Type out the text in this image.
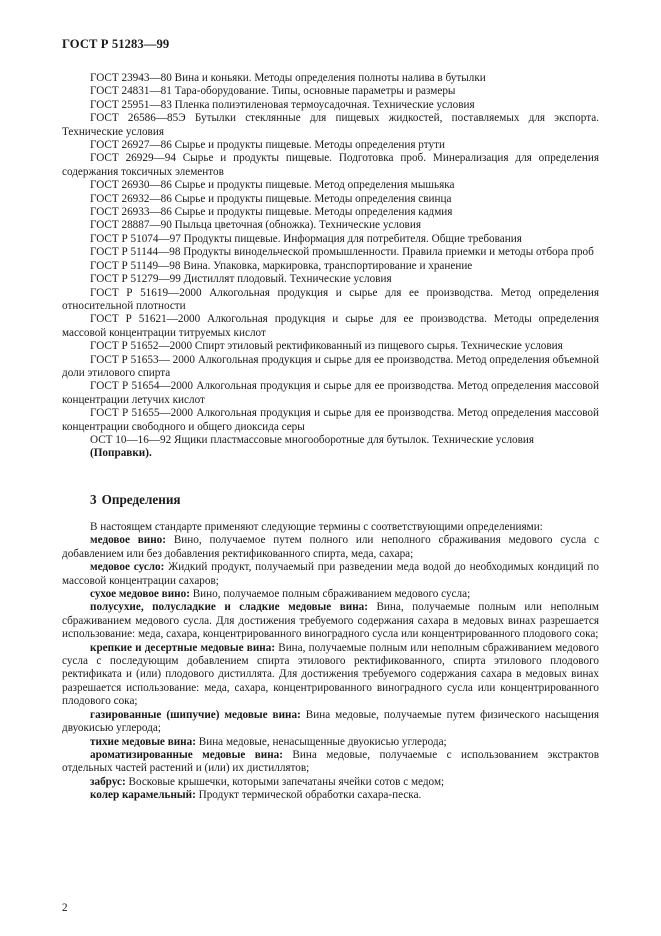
ГОСТ Р 51283—99

ГОСТ 23943—80 Вина и коньяки. Методы определения полноты налива в бутылки

ГОСТ 24831—81 Тара-оборудование. Типы, основные параметры и размеры

ГОСТ 25951—83 Пленка полиэтиленовая термоусадочная. Технические условия

ГОСТ 26586—85Э Бутылки стеклянные для пищевых жидкостей, поставляемых для экспорта. Технические условия

ГОСТ 26927—86 Сырье и продукты пищевые. Методы определения ртути

ГОСТ 26929—94 Сырье и продукты пищевые. Подготовка проб. Минерализация для определения содержания токсичных элементов

ГОСТ 26930—86 Сырье и продукты пищевые. Метод определения мышьяка

ГОСТ 26932—86 Сырье и продукты пищевые. Методы определения свинца

ГОСТ 26933—86 Сырье и продукты пищевые. Методы определения кадмия

ГОСТ 28887—90 Пыльца цветочная (обножка). Технические условия

ГОСТ Р 51074—97 Продукты пищевые. Информация для потребителя. Общие требования

ГОСТ Р 51144—98 Продукты винодельческой промышленности. Правила приемки и методы отбора проб

ГОСТ Р 51149—98 Вина. Упаковка, маркировка, транспортирование и хранение

ГОСТ Р 51279—99 Дистиллят плодовый. Технические условия

ГОСТ Р 51619—2000 Алкогольная продукция и сырье для ее производства. Метод определения относительной плотности

ГОСТ Р 51621—2000 Алкогольная продукция и сырье для ее производства. Методы определения массовой концентрации титруемых кислот

ГОСТ Р 51652—2000 Спирт этиловый ректификованный из пищевого сырья. Технические условия

ГОСТ Р 51653— 2000 Алкогольная продукция и сырье для ее производства. Метод определения объемной доли этилового спирта

ГОСТ Р 51654—2000 Алкогольная продукция и сырье для ее производства. Метод определения массовой концентрации летучих кислот

ГОСТ Р 51655—2000 Алкогольная продукция и сырье для ее производства. Метод определения массовой концентрации свободного и общего диоксида серы

ОСТ 10—16—92 Ящики пластмассовые многооборотные для бутылок. Технические условия

(Поправки).

3 Определения

В настоящем стандарте применяют следующие термины с соответствующими определениями:

медовое вино: Вино, получаемое путем полного или неполного сбраживания медового сусла с добавлением или без добавления ректификованного спирта, меда, сахара;

медовое сусло: Жидкий продукт, получаемый при разведении меда водой до необходимых кондиций по массовой концентрации сахаров;

сухое медовое вино: Вино, получаемое полным сбраживанием медового сусла;

полусухие, полусладкие и сладкие медовые вина: Вина, получаемые полным или неполным сбраживанием медового сусла. Для достижения требуемого содержания сахара в медовых винах разрешается использование: меда, сахара, концентрированного виноградного сусла или концентрированного плодового сока;

крепкие и десертные медовые вина: Вина, получаемые полным или неполным сбраживанием медового сусла с последующим добавлением спирта этилового ректификованного, спирта этилового плодового ректификата и (или) плодового дистиллята. Для достижения требуемого содержания сахара в медовых винах разрешается использование: меда, сахара, концентрированного виноградного сусла или концентрированного плодового сока;

газированные (шипучие) медовые вина: Вина медовые, получаемые путем физического насыщения двуокисью углерода;

тихие медовые вина: Вина медовые, ненасыщенные двуокисью углерода;

ароматизированные медовые вина: Вина медовые, получаемые с использованием экстрактов отдельных частей растений и (или) их дистиллятов;

забрус: Восковые крышечки, которыми запечатаны ячейки сотов с медом;

колер карамельный: Продукт термической обработки сахара-песка.

2
